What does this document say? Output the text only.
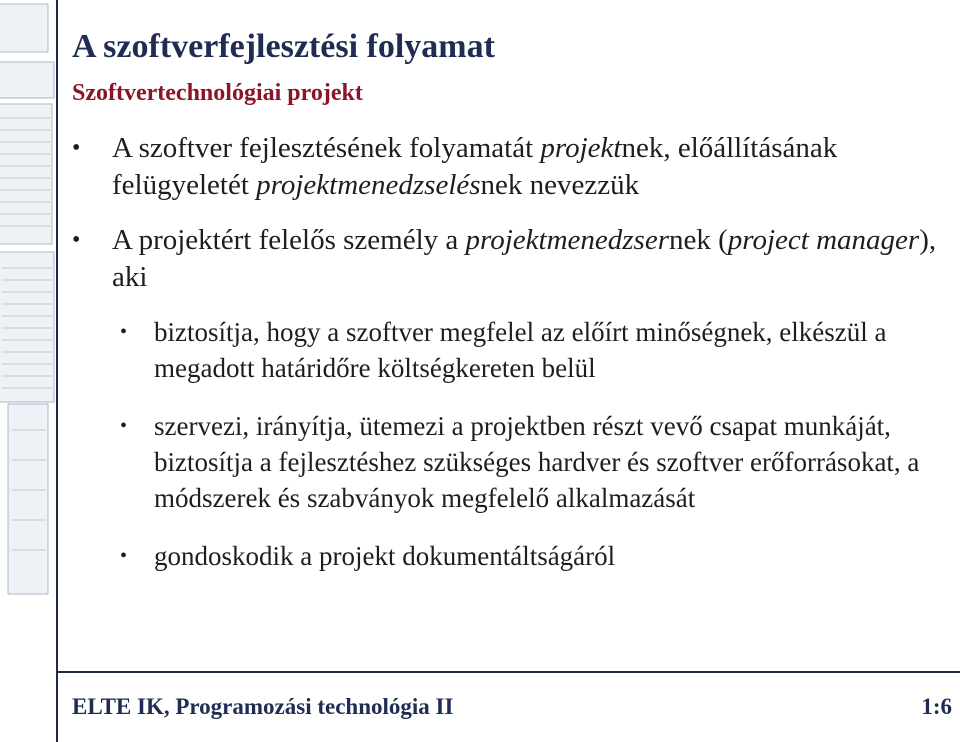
A szoftverfejlesztési folyamat
Szoftvertechnológiai projekt
• A szoftver fejlesztésének folyamatát projektnek, előállításának felügyeletét projektmenedzselésnek nevezzük
• A projektért felelős személy a projektmenedzsernek (project manager), aki
• biztosítja, hogy a szoftver megfelel az előírt minőségnek, elkészül a megadott határidőre költségkereten belül
• szervezi, irányítja, ütemezi a projektben részt vevő csapat munkáját, biztosítja a fejlesztéshez szükséges hardver és szoftver erőforrásokat, a módszerek és szabványok megfelelő alkalmazását
• gondoskodik a projekt dokumentáltságáról
ELTE IK, Programozási technológia II	1:6
